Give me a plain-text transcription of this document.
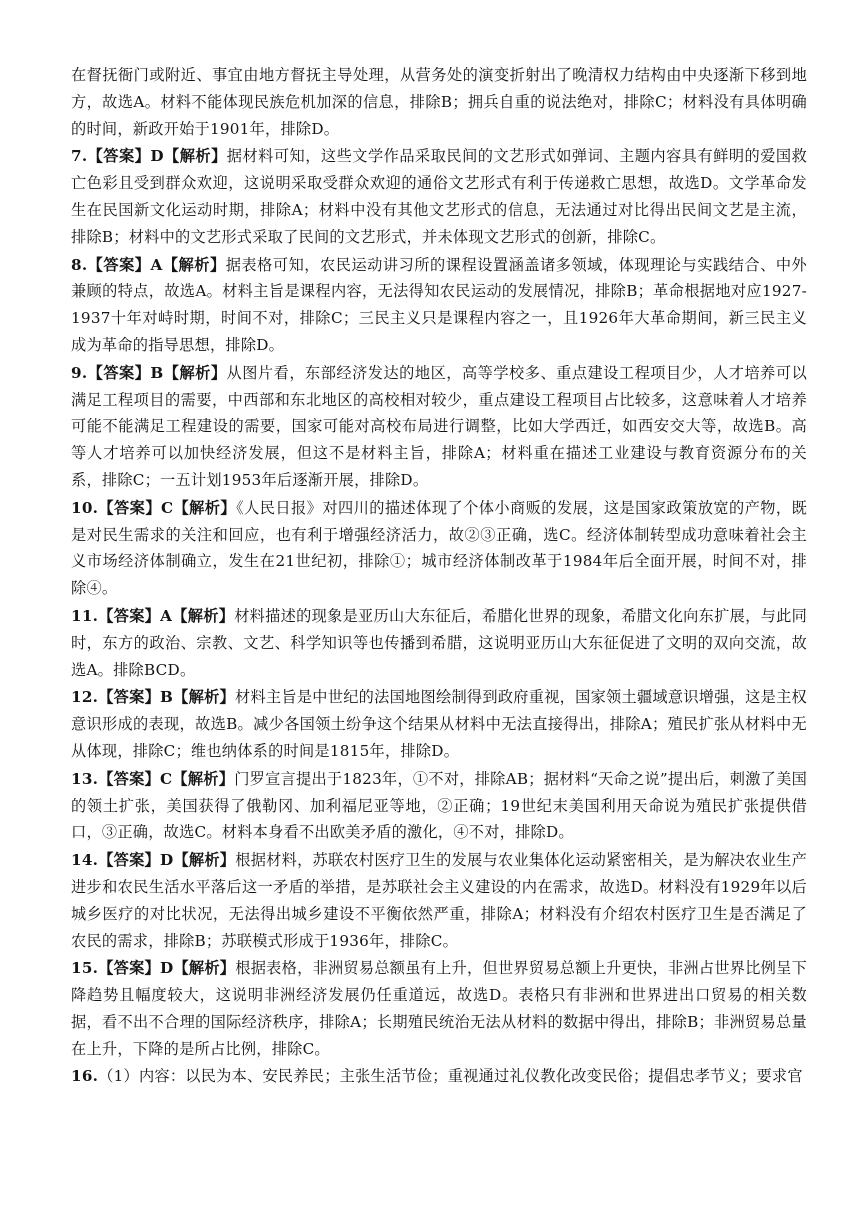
在督抚衙门或附近、事宜由地方督抚主导处理，从营务处的演变折射出了晚清权力结构由中央逐渐下移到地方，故选A。材料不能体现民族危机加深的信息，排除B；拥兵自重的说法绝对，排除C；材料没有具体明确的时间，新政开始于1901年，排除D。

7.【答案】D【解析】据材料可知，这些文学作品采取民间的文艺形式如弹词、主题内容具有鲜明的爱国救亡色彩且受到群众欢迎，这说明采取受群众欢迎的通俗文艺形式有利于传递救亡思想，故选D。文学革命发生在民国新文化运动时期，排除A；材料中没有其他文艺形式的信息，无法通过对比得出民间文艺是主流，排除B；材料中的文艺形式采取了民间的文艺形式，并未体现文艺形式的创新，排除C。

8.【答案】A【解析】据表格可知，农民运动讲习所的课程设置涵盖诸多领域，体现理论与实践结合、中外兼顾的特点，故选A。材料主旨是课程内容，无法得知农民运动的发展情况，排除B；革命根据地对应1927-1937十年对峙时期，时间不对，排除C；三民主义只是课程内容之一，且1926年大革命期间，新三民主义成为革命的指导思想，排除D。

9.【答案】B【解析】从图片看，东部经济发达的地区，高等学校多、重点建设工程项目少，人才培养可以满足工程项目的需要，中西部和东北地区的高校相对较少，重点建设工程项目占比较多，这意味着人才培养可能不能满足工程建设的需要，国家可能对高校布局进行调整，比如大学西迁，如西安交大等，故选B。高等人才培养可以加快经济发展，但这不是材料主旨，排除A；材料重在描述工业建设与教育资源分布的关系，排除C；一五计划1953年后逐渐开展，排除D。

10.【答案】C【解析】《人民日报》对四川的描述体现了个体小商贩的发展，这是国家政策放宽的产物，既是对民生需求的关注和回应，也有利于增强经济活力，故②③正确，选C。经济体制转型成功意味着社会主义市场经济体制确立，发生在21世纪初，排除①；城市经济体制改革于1984年后全面开展，时间不对，排除④。

11.【答案】A【解析】材料描述的现象是亚历山大东征后，希腊化世界的现象，希腊文化向东扩展，与此同时，东方的政治、宗教、文艺、科学知识等也传播到希腊，这说明亚历山大东征促进了文明的双向交流，故选A。排除BCD。

12.【答案】B【解析】材料主旨是中世纪的法国地图绘制得到政府重视，国家领土疆域意识增强，这是主权意识形成的表现，故选B。减少各国领土纷争这个结果从材料中无法直接得出，排除A；殖民扩张从材料中无从体现，排除C；维也纳体系的时间是1815年，排除D。

13.【答案】C【解析】门罗宣言提出于1823年，①不对，排除AB；据材料“天命之说”提出后，刺激了美国的领土扩张，美国获得了俄勒冈、加利福尼亚等地，②正确；19世纪末美国利用天命说为殖民扩张提供借口，③正确，故选C。材料本身看不出欧美矛盾的激化，④不对，排除D。

14.【答案】D【解析】根据材料，苏联农村医疗卫生的发展与农业集体化运动紧密相关，是为解决农业生产进步和农民生活水平落后这一矛盾的举措，是苏联社会主义建设的内在需求，故选D。材料没有1929年以后城乡医疗的对比状况，无法得出城乡建设不平衡依然严重，排除A；材料没有介绍农村医疗卫生是否满足了农民的需求，排除B；苏联模式形成于1936年，排除C。

15.【答案】D【解析】根据表格，非洲贸易总额虽有上升，但世界贸易总额上升更快，非洲占世界比例呈下降趋势且幅度较大，这说明非洲经济发展仍任重道远，故选D。表格只有非洲和世界进出口贸易的相关数据，看不出不合理的国际经济秩序，排除A；长期殖民统治无法从材料的数据中得出，排除B；非洲贸易总量在上升，下降的是所占比例，排除C。

16.（1）内容：以民为本、安民养民；主张生活节俭；重视通过礼仪教化改变民俗；提倡忠孝节义；要求官
